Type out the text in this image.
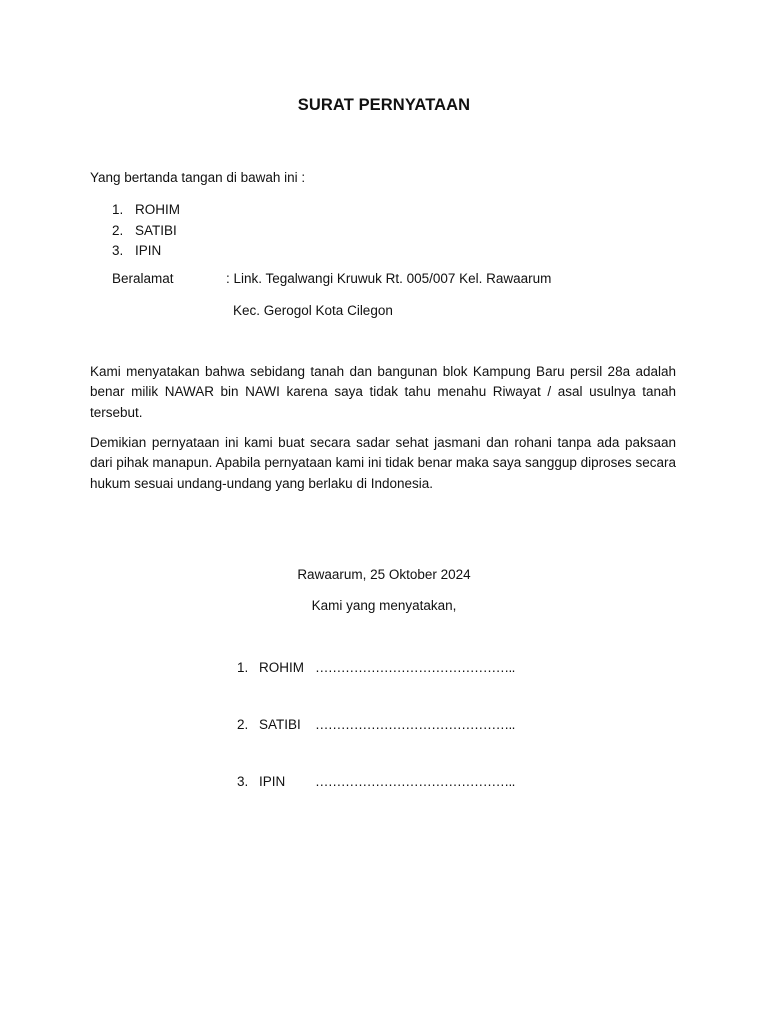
SURAT PERNYATAAN
Yang bertanda tangan di bawah ini :
1. ROHIM
2. SATIBI
3. IPIN
Beralamat	: Link. Tegalwangi Kruwuk Rt. 005/007 Kel. Rawaarum
Kec. Gerogol Kota Cilegon

Kami menyatakan bahwa sebidang tanah dan bangunan blok Kampung Baru persil 28a adalah benar milik NAWAR bin NAWI karena saya tidak tahu menahu Riwayat / asal usulnya tanah tersebut.

Demikian pernyataan ini kami buat secara sadar sehat jasmani dan rohani tanpa ada paksaan dari pihak manapun. Apabila pernyataan kami ini tidak benar maka saya sanggup diproses secara hukum sesuai undang-undang yang berlaku di Indonesia.

Rawaarum, 25 Oktober 2024
Kami yang menyatakan,
1. ROHIM ………………………………………..
2. SATIBI ………………………………………..
3. IPIN ………………………………………..
